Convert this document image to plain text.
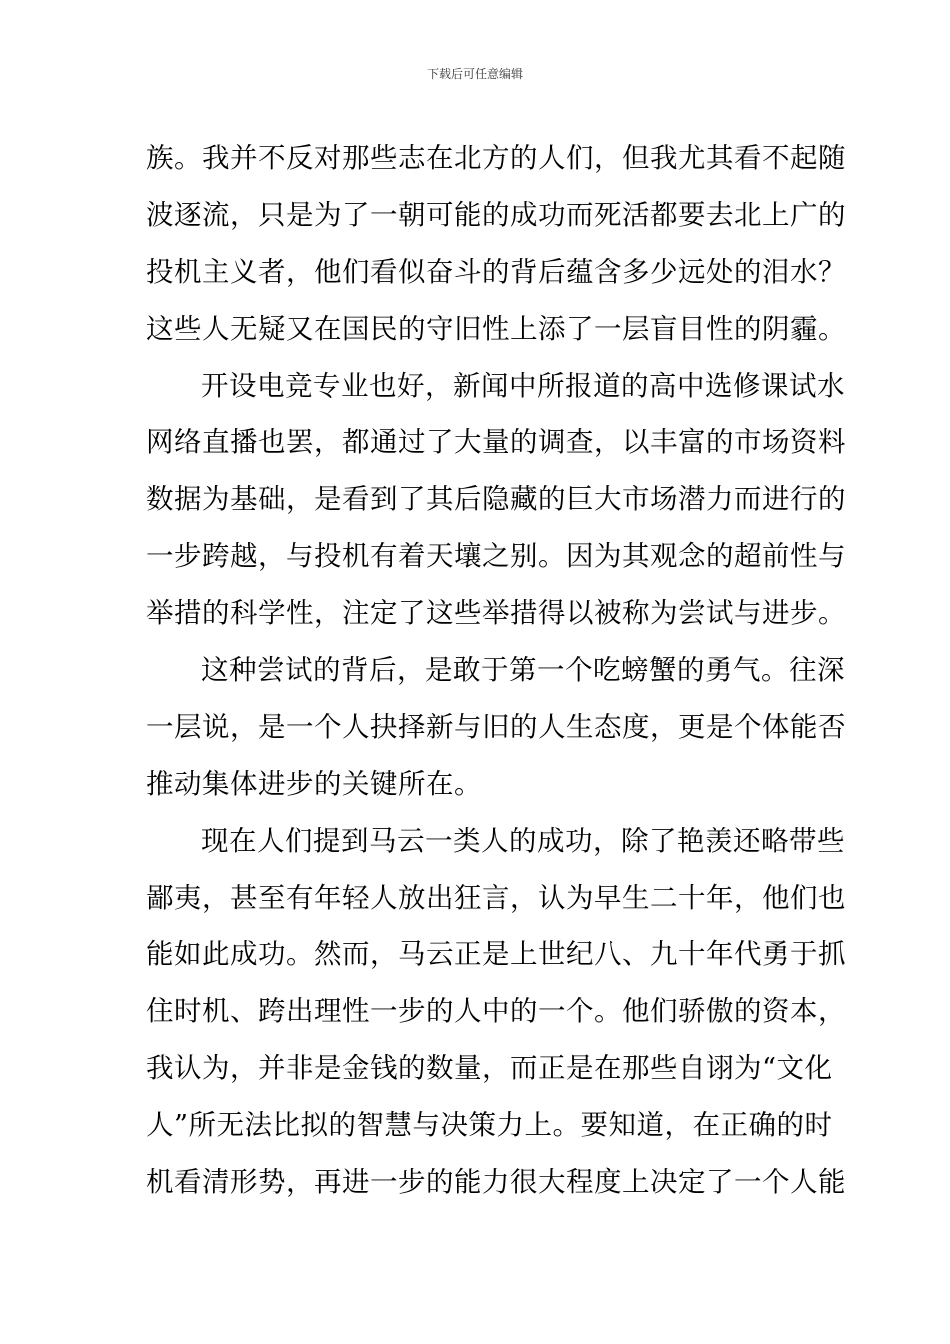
下载后可任意编辑
族。我并不反对那些志在北方的人们，但我尤其看不起随
波逐流，只是为了一朝可能的成功而死活都要去北上广的
投机主义者，他们看似奋斗的背后蕴含多少远处的泪水？
这些人无疑又在国民的守旧性上添了一层盲目性的阴霾。
开设电竞专业也好，新闻中所报道的高中选修课试水
网络直播也罢，都通过了大量的调查，以丰富的市场资料
数据为基础，是看到了其后隐藏的巨大市场潜力而进行的
一步跨越，与投机有着天壤之别。因为其观念的超前性与
举措的科学性，注定了这些举措得以被称为尝试与进步。
这种尝试的背后，是敢于第一个吃螃蟹的勇气。往深
一层说，是一个人抉择新与旧的人生态度，更是个体能否
推动集体进步的关键所在。
现在人们提到马云一类人的成功，除了艳羡还略带些
鄙夷，甚至有年轻人放出狂言，认为早生二十年，他们也
能如此成功。然而，马云正是上世纪八、九十年代勇于抓
住时机、跨出理性一步的人中的一个。他们骄傲的资本，
我认为，并非是金钱的数量，而正是在那些自诩为“文化
人”所无法比拟的智慧与决策力上。要知道，在正确的时
机看清形势，再进一步的能力很大程度上决定了一个人能
